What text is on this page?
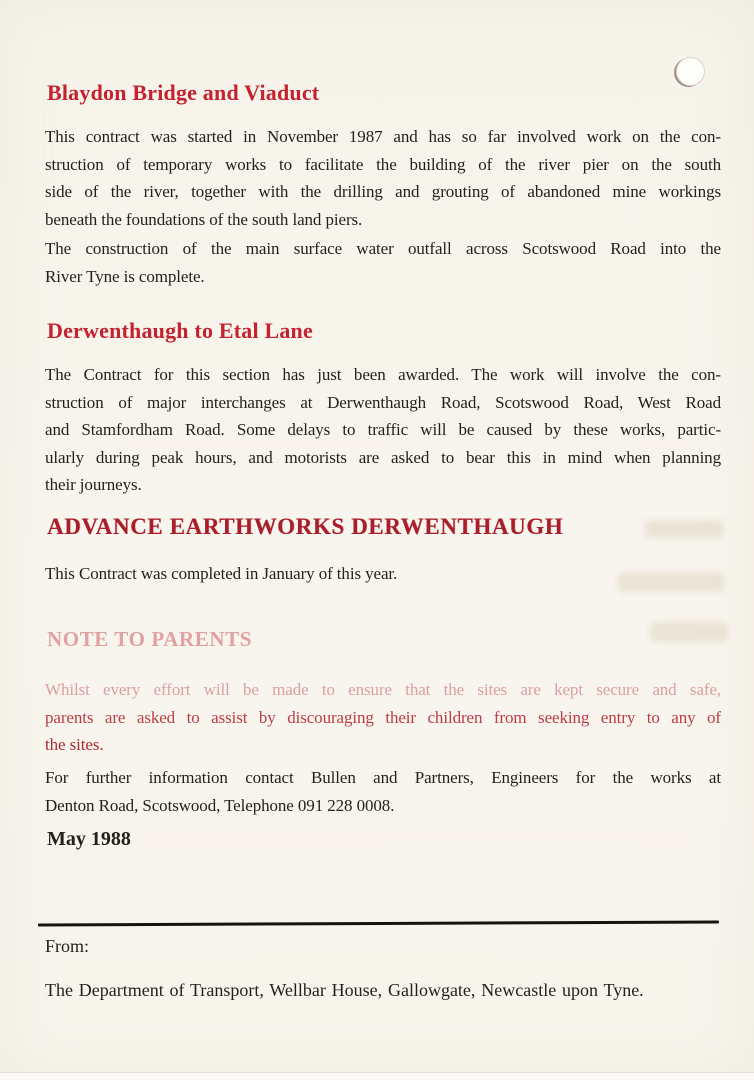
Blaydon Bridge and Viaduct
This contract was started in November 1987 and has so far involved work on the con-
struction of temporary works to facilitate the building of the river pier on the south
side of the river, together with the drilling and grouting of abandoned mine workings
beneath the foundations of the south land piers.
The construction of the main surface water outfall across Scotswood Road into the
River Tyne is complete.
Derwenthaugh to Etal Lane
The Contract for this section has just been awarded. The work will involve the con-
struction of major interchanges at Derwenthaugh Road, Scotswood Road, West Road
and Stamfordham Road. Some delays to traffic will be caused by these works, partic-
ularly during peak hours, and motorists are asked to bear this in mind when planning
their journeys.
ADVANCE EARTHWORKS DERWENTHAUGH
This Contract was completed in January of this year.
NOTE TO PARENTS
Whilst every effort will be made to ensure that the sites are kept secure and safe,
parents are asked to assist by discouraging their children from seeking entry to any of
the sites.
For further information contact Bullen and Partners, Engineers for the works at
Denton Road, Scotswood, Telephone 091 228 0008.
May 1988
From:
The Department of Transport, Wellbar House, Gallowgate, Newcastle upon Tyne.
